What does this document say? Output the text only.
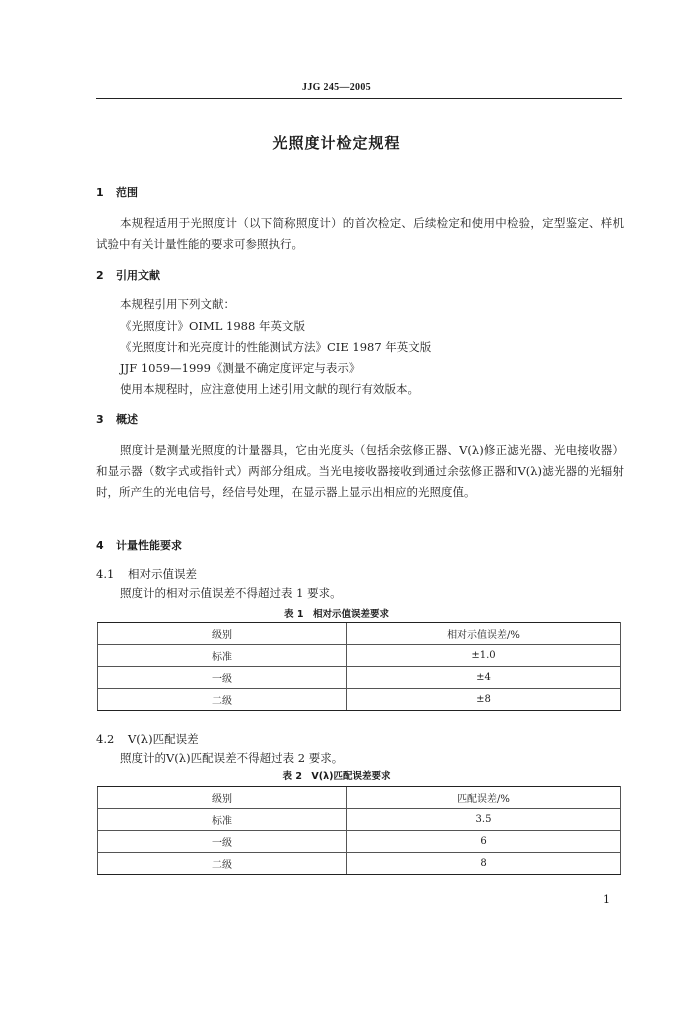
JJG 245—2005
光照度计检定规程
1 范围
本规程适用于光照度计（以下简称照度计）的首次检定、后续检定和使用中检验，定型鉴定、样机试验中有关计量性能的要求可参照执行。
2 引用文献
本规程引用下列文献：
《光照度计》OIML 1988 年英文版
《光照度计和光亮度计的性能测试方法》CIE 1987 年英文版
JJF 1059—1999《测量不确定度评定与表示》
使用本规程时，应注意使用上述引用文献的现行有效版本。
3 概述
照度计是测量光照度的计量器具，它由光度头（包括余弦修正器、V(λ)修正滤光器、光电接收器）和显示器（数字式或指针式）两部分组成。当光电接收器接收到通过余弦修正器和V(λ)滤光器的光辐射时，所产生的光电信号，经信号处理，在显示器上显示出相应的光照度值。
4 计量性能要求
4.1 相对示值误差
照度计的相对示值误差不得超过表 1 要求。
表 1　相对示值误差要求
级别	相对示值误差/%
标准	±1.0
一级	±4
二级	±8
4.2 V(λ)匹配误差
照度计的V(λ)匹配误差不得超过表 2 要求。
表 2　V(λ)匹配误差要求
级别	匹配误差/%
标准	3.5
一级	6
二级	8
1
